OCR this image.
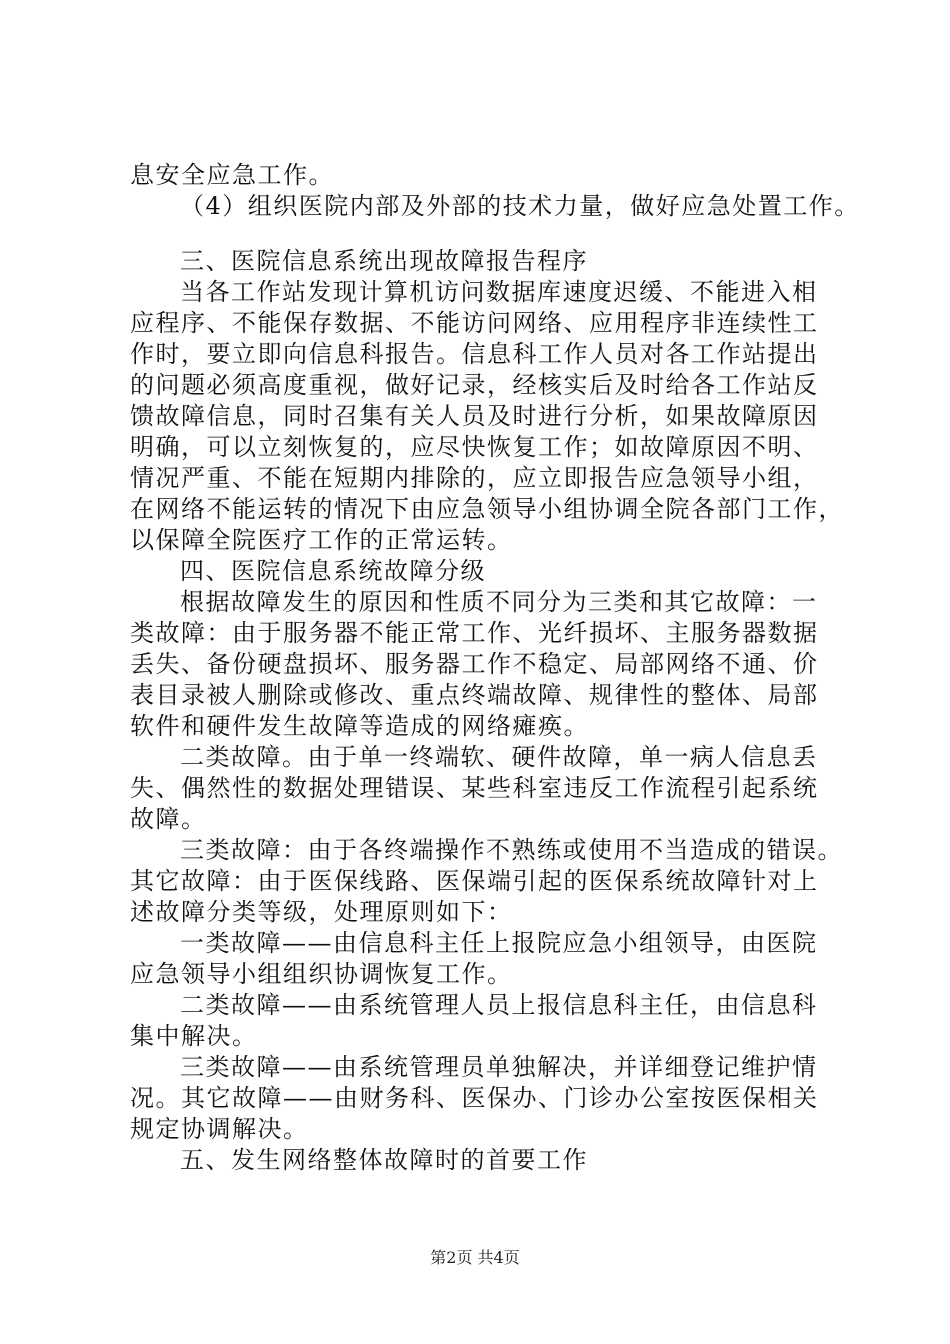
息安全应急工作。
（4）组织医院内部及外部的技术力量，做好应急处置工作。
三、医院信息系统出现故障报告程序
当各工作站发现计算机访问数据库速度迟缓、不能进入相
应程序、不能保存数据、不能访问网络、应用程序非连续性工
作时，要立即向信息科报告。信息科工作人员对各工作站提出
的问题必须高度重视，做好记录，经核实后及时给各工作站反
馈故障信息，同时召集有关人员及时进行分析，如果故障原因
明确，可以立刻恢复的，应尽快恢复工作；如故障原因不明、
情况严重、不能在短期内排除的，应立即报告应急领导小组，
在网络不能运转的情况下由应急领导小组协调全院各部门工作，
以保障全院医疗工作的正常运转。
四、医院信息系统故障分级
根据故障发生的原因和性质不同分为三类和其它故障：一
类故障：由于服务器不能正常工作、光纤损坏、主服务器数据
丢失、备份硬盘损坏、服务器工作不稳定、局部网络不通、价
表目录被人删除或修改、重点终端故障、规律性的整体、局部
软件和硬件发生故障等造成的网络瘫痪。
二类故障。由于单一终端软、硬件故障，单一病人信息丢
失、偶然性的数据处理错误、某些科室违反工作流程引起系统
故障。
三类故障：由于各终端操作不熟练或使用不当造成的错误。
其它故障：由于医保线路、医保端引起的医保系统故障针对上
述故障分类等级，处理原则如下：
一类故障——由信息科主任上报院应急小组领导，由医院
应急领导小组组织协调恢复工作。
二类故障——由系统管理人员上报信息科主任，由信息科
集中解决。
三类故障——由系统管理员单独解决，并详细登记维护情
况。其它故障——由财务科、医保办、门诊办公室按医保相关
规定协调解决。
五、发生网络整体故障时的首要工作
第2页 共4页
